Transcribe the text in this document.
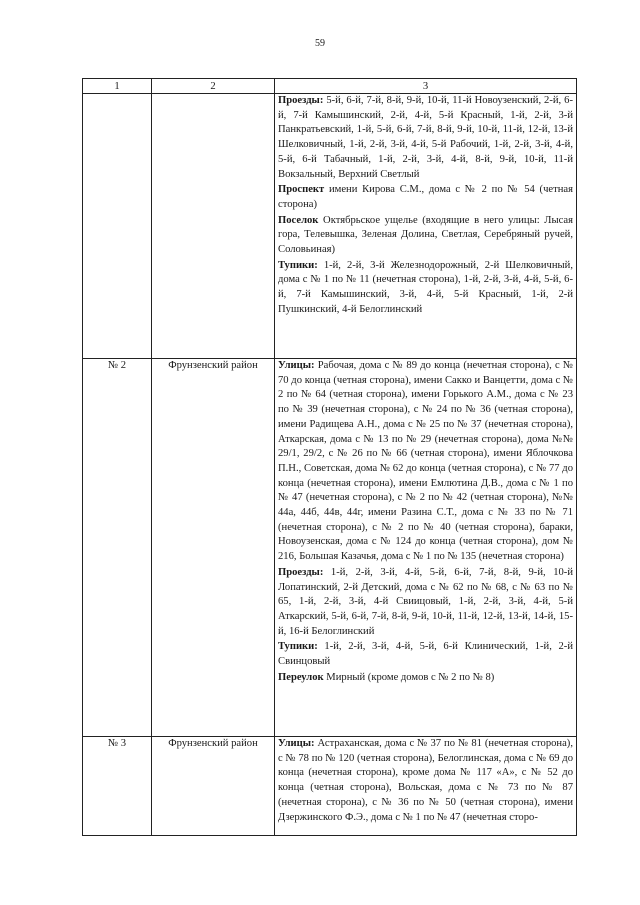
59
1	2	3

		Проезды: 5-й, 6-й, 7-й, 8-й, 9-й, 10-й, 11-й Новоузенский, 2-й, 6-й, 7-й Камышинский, 2-й, 4-й, 5-й Красный, 1-й, 2-й, 3-й Панкратьевский, 1-й, 5-й, 6-й, 7-й, 8-й, 9-й, 10-й, 11-й, 12-й, 13-й Шелковичный, 1-й, 2-й, 3-й, 4-й, 5-й Рабочий, 1-й, 2-й, 3-й, 4-й, 5-й, 6-й Табачный, 1-й, 2-й, 3-й, 4-й, 8-й, 9-й, 10-й, 11-й Вокзальный, Верхний Светлый

Проспект имени Кирова С.М., дома с № 2 по № 54 (четная сторона)

Поселок Октябрьское ущелье (входящие в него улицы: Лысая гора, Телевышка, Зеленая Долина, Светлая, Серебряный ручей, Соловьиная)

Тупики: 1-й, 2-й, 3-й Железнодорожный, 2-й Шелковичный, дома с № 1 по № 11 (нечетная сторона), 1-й, 2-й, 3-й, 4-й, 5-й, 6-й, 7-й Камышинский, 3-й, 4-й, 5-й Красный, 1-й, 2-й Пушкинский, 4-й Белоглинский

№ 2	Фрунзенский район	Улицы: Рабочая, дома с № 89 до конца (нечетная сторона), с № 70 до конца (четная сторона), имени Сакко и Ванцетти, дома с № 2 по № 64 (четная сторона), имени Горького А.М., дома с № 23 по № 39 (нечетная сторона), с № 24 по № 36 (четная сторона), имени Радищева А.Н., дома с № 25 по № 37 (нечетная сторона), Аткарская, дома с № 13 по № 29 (нечетная сторона), дома №№ 29/1, 29/2, с № 26 по № 66 (четная сторона), имени Яблочкова П.Н., Советская, дома № 62 до конца (четная сторона), с № 77 до конца (нечетная сторона), имени Емлютина Д.В., дома с № 1 по № 47 (нечетная сторона), с № 2 по № 42 (четная сторона), №№ 44а, 44б, 44в, 44г, имени Разина С.Т., дома с № 33 по № 71 (нечетная сторона), с № 2 по № 40 (четная сторона), бараки, Новоузенская, дома с № 124 до конца (четная сторона), дом № 216, Большая Казачья, дома с № 1 по № 135 (нечетная сторона)

Проезды: 1-й, 2-й, 3-й, 4-й, 5-й, 6-й, 7-й, 8-й, 9-й, 10-й Лопатинский, 2-й Детский, дома с № 62 по № 68, с № 63 по № 65, 1-й, 2-й, 3-й, 4-й Свиицовый, 1-й, 2-й, 3-й, 4-й, 5-й Аткарский, 5-й, 6-й, 7-й, 8-й, 9-й, 10-й, 11-й, 12-й, 13-й, 14-й, 15-й, 16-й Белоглинский

Тупики: 1-й, 2-й, 3-й, 4-й, 5-й, 6-й Клинический, 1-й, 2-й Свинцовый

Переулок Мирный (кроме домов с № 2 по № 8)

№ 3	Фрунзенский район	Улицы: Астраханская, дома с № 37 по № 81 (нечетная сторона), с № 78 по № 120 (четная сторона), Белоглинская, дома с № 69 до конца (нечетная сторона), кроме дома № 117 «А», с № 52 до конца (четная сторона), Вольская, дома с № 73 по № 87 (нечетная сторона), с № 36 по № 50 (четная сторона), имени Дзержинского Ф.Э., дома с № 1 по № 47 (нечетная сторо-
